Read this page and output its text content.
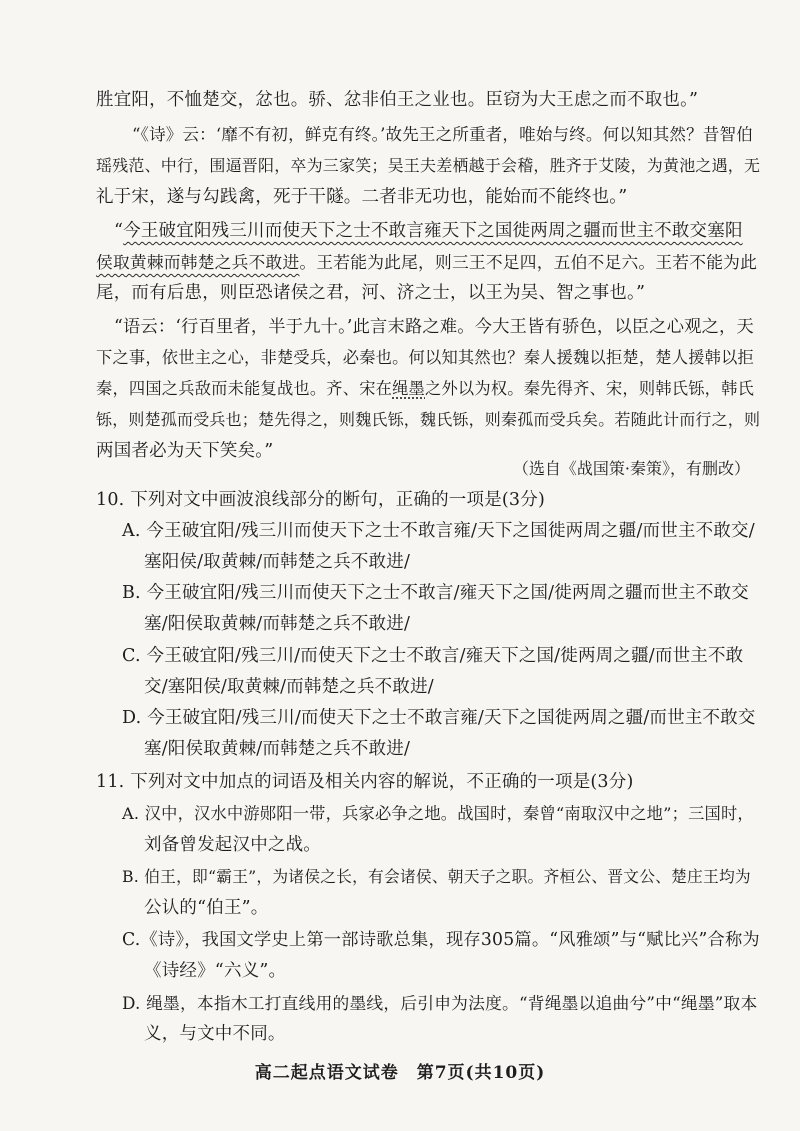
胜宜阳，不恤楚交，忿也。骄、忿非伯王之业也。臣窃为大王虑之而不取也。”
“《诗》云：‘靡不有初，鲜克有终。’故先王之所重者，唯始与终。何以知其然？昔智伯
瑶残范、中行，围逼晋阳，卒为三家笑；吴王夫差栖越于会稽，胜齐于艾陵，为黄池之遇，无
礼于宋，遂与勾践禽，死于干隧。二者非无功也，能始而不能终也。”
“今王破宜阳残三川而使天下之士不敢言雍天下之国徙两周之疆而世主不敢交塞阳
侯取黄棘而韩楚之兵不敢进。王若能为此尾，则三王不足四，五伯不足六。王若不能为此
尾，而有后患，则臣恐诸侯之君，河、济之士，以王为吴、智之事也。”
“语云：‘行百里者，半于九十。’此言末路之难。今大王皆有骄色，以臣之心观之，天
下之事，依世主之心，非楚受兵，必秦也。何以知其然也？秦人援魏以拒楚，楚人援韩以拒
秦，四国之兵敌而未能复战也。齐、宋在绳墨之外以为权。秦先得齐、宋，则韩氏铄，韩氏
铄，则楚孤而受兵也；楚先得之，则魏氏铄，魏氏铄，则秦孤而受兵矣。若随此计而行之，则
两国者必为天下笑矣。”
（选自《战国策·秦策》，有删改）
10. 下列对文中画波浪线部分的断句，正确的一项是(3分)
A. 今王破宜阳/残三川而使天下之士不敢言雍/天下之国徙两周之疆/而世主不敢交/
塞阳侯/取黄棘/而韩楚之兵不敢进/
B. 今王破宜阳/残三川而使天下之士不敢言/雍天下之国/徙两周之疆而世主不敢交
塞/阳侯取黄棘/而韩楚之兵不敢进/
C. 今王破宜阳/残三川/而使天下之士不敢言/雍天下之国/徙两周之疆/而世主不敢
交/塞阳侯/取黄棘/而韩楚之兵不敢进/
D. 今王破宜阳/残三川/而使天下之士不敢言雍/天下之国徙两周之疆/而世主不敢交
塞/阳侯取黄棘/而韩楚之兵不敢进/
11. 下列对文中加点的词语及相关内容的解说，不正确的一项是(3分)
A. 汉中，汉水中游郧阳一带，兵家必争之地。战国时，秦曾“南取汉中之地”；三国时，
刘备曾发起汉中之战。
B. 伯王，即“霸王”，为诸侯之长，有会诸侯、朝天子之职。齐桓公、晋文公、楚庄王均为
公认的“伯王”。
C.《诗》，我国文学史上第一部诗歌总集，现存305篇。“风雅颂”与“赋比兴”合称为
《诗经》“六义”。
D. 绳墨，本指木工打直线用的墨线，后引申为法度。“背绳墨以追曲兮”中“绳墨”取本
义，与文中不同。
高二起点语文试卷　第7页(共10页)
